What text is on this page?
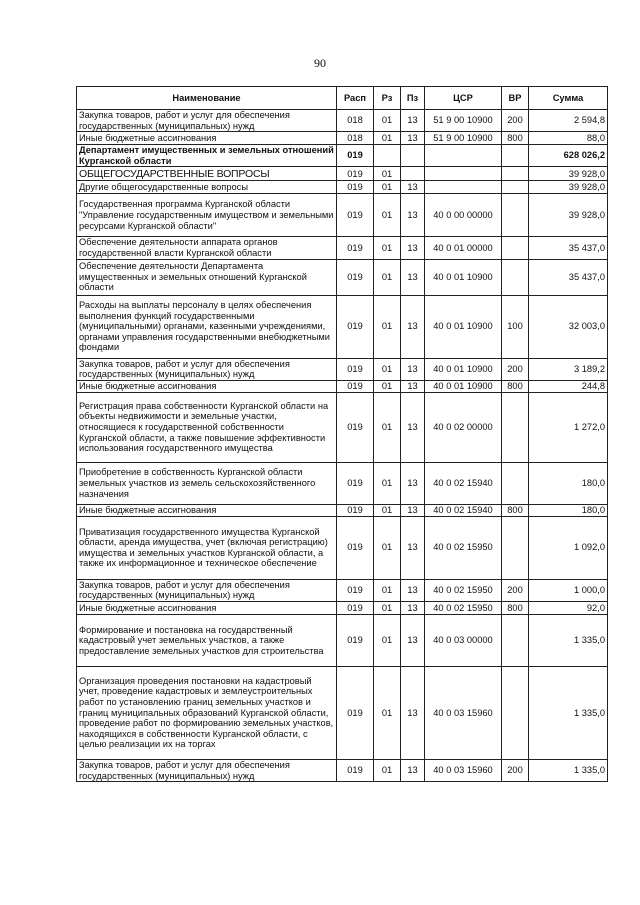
90
Наименование	Расп	Рз	Пз	ЦСР	ВР	Сумма
Закупка товаров, работ и услуг для обеспечения государственных (муниципальных) нужд	018	01	13	51 9 00 10900	200	2 594,8
Иные бюджетные ассигнования	018	01	13	51 9 00 10900	800	88,0
Департамент имущественных и земельных отношений Курганской области	019					628 026,2
ОБЩЕГОСУДАРСТВЕННЫЕ ВОПРОСЫ	019	01				39 928,0
Другие общегосударственные вопросы	019	01	13			39 928,0
Государственная программа Курганской области "Управление государственным имуществом и земельными ресурсами Курганской области"	019	01	13	40 0 00 00000		39 928,0
Обеспечение деятельности аппарата органов государственной власти Курганской области	019	01	13	40 0 01 00000		35 437,0
Обеспечение деятельности Департамента имущественных и земельных отношений Курганской области	019	01	13	40 0 01 10900		35 437,0
Расходы на выплаты персоналу в целях обеспечения выполнения функций государственными (муниципальными) органами, казенными учреждениями, органами управления государственными внебюджетными фондами	019	01	13	40 0 01 10900	100	32 003,0
Закупка товаров, работ и услуг для обеспечения государственных (муниципальных) нужд	019	01	13	40 0 01 10900	200	3 189,2
Иные бюджетные ассигнования	019	01	13	40 0 01 10900	800	244,8
Регистрация права собственности Курганской области на объекты недвижимости и земельные участки, относящиеся к государственной собственности Курганской области, а также повышение эффективности использования государственного имущества	019	01	13	40 0 02 00000		1 272,0
Приобретение в собственность Курганской области земельных участков из земель сельскохозяйственного назначения	019	01	13	40 0 02 15940		180,0
Иные бюджетные ассигнования	019	01	13	40 0 02 15940	800	180,0
Приватизация государственного имущества Курганской области, аренда имущества, учет (включая регистрацию) имущества и земельных участков Курганской области, а также их информационное и техническое обеспечение	019	01	13	40 0 02 15950		1 092,0
Закупка товаров, работ и услуг для обеспечения государственных (муниципальных) нужд	019	01	13	40 0 02 15950	200	1 000,0
Иные бюджетные ассигнования	019	01	13	40 0 02 15950	800	92,0
Формирование и постановка на государственный кадастровый учет земельных участков, а также предоставление земельных участков для строительства	019	01	13	40 0 03 00000		1 335,0
Организация проведения постановки на кадастровый учет, проведение кадастровых и землеустроительных работ по установлению границ земельных участков и границ муниципальных образований Курганской области, проведение работ по формированию земельных участков, находящихся в собственности Курганской области, с целью реализации их на торгах	019	01	13	40 0 03 15960		1 335,0
Закупка товаров, работ и услуг для обеспечения государственных (муниципальных) нужд	019	01	13	40 0 03 15960	200	1 335,0
